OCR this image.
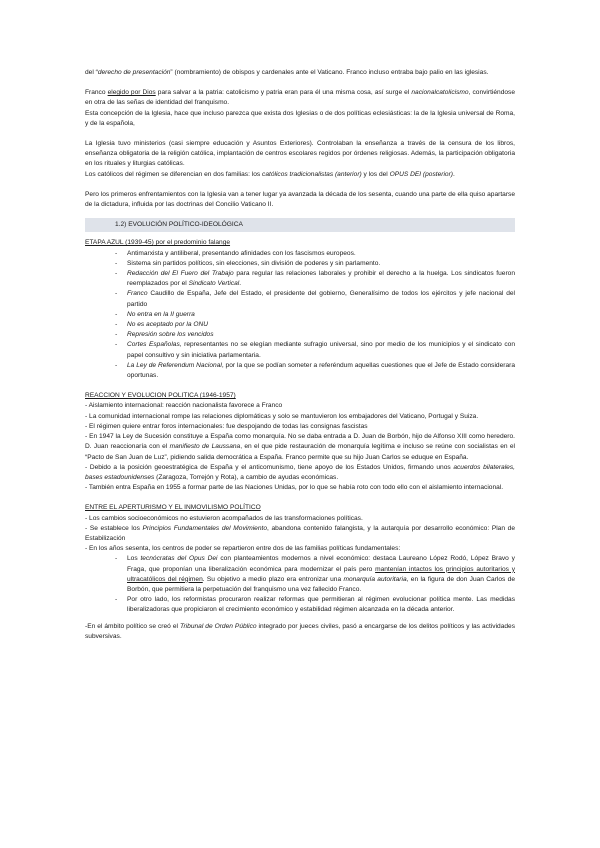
del “derecho de presentación” (nombramiento) de obispos y cardenales ante el Vaticano. Franco incluso entraba bajo palio en las iglesias.

Franco elegido por Dios para salvar a la patria: catolicismo y patria eran para él una misma cosa, así surge el nacionalcatolicismo, convirtiéndose en otra de las señas de identidad del franquismo.

Esta concepción de la Iglesia, hace que incluso parezca que exista dos Iglesias o de dos políticas eclesiásticas: la de la Iglesia universal de Roma, y de la española,

La Iglesia tuvo ministerios (casi siempre educación y Asuntos Exteriores). Controlaban la enseñanza a través de la censura de los libros, enseñanza obligatoria de la religión católica, implantación de centros escolares regidos por órdenes religiosas. Además, la participación obligatoria en los rituales y liturgias católicas.

Los católicos del régimen se diferencian en dos familias: los católicos tradicionalistas (anterior) y los del OPUS DEI (posterior).

Pero los primeros enfrentamientos con la Iglesia van a tener lugar ya avanzada la década de los sesenta, cuando una parte de ella quiso apartarse de la dictadura, influida por las doctrinas del Concilio Vaticano II.

1.2) EVOLUCIÓN POLÍTICO-IDEOLÓGICA

ETAPA AZUL (1939-45) por el predominio falange

- Antimarxista y antiliberal, presentando afinidades con los fascismos europeos.
- Sistema sin partidos políticos, sin elecciones, sin división de poderes y sin parlamento.
- Redacción del El Fuero del Trabajo para regular las relaciones laborales y prohibir el derecho a la huelga. Los sindicatos fueron reemplazados por el Sindicato Vertical.
- Franco Caudillo de España, Jefe del Estado, el presidente del gobierno, Generalísimo de todos los ejércitos y jefe nacional del partido
- No entra en la II guerra
- No es aceptado por la ONU
- Represión sobre los vencidos
- Cortes Españolas, representantes no se elegían mediante sufragio universal, sino por medio de los municipios y el sindicato con papel consultivo y sin iniciativa parlamentaria.
- La Ley de Referendum Nacional, por la que se podían someter a referéndum aquellas cuestiones que el Jefe de Estado considerara oportunas.

REACCION Y EVOLUCION POLITICA (1946-1957)

- Aislamiento internacional: reacción nacionalista favorece a Franco

- La comunidad internacional rompe las relaciones diplomáticas y solo se mantuvieron los embajadores del Vaticano, Portugal y Suiza.

- El régimen quiere entrar foros internacionales: fue despojando de todas las consignas fascistas

- En 1947 la Ley de Sucesión constituye a España como monarquía. No se daba entrada a D. Juan de Borbón, hijo de Alfonso XIII como heredero. D. Juan reaccionaría con el manifiesto de Laussana, en el que pide restauración de monarquía legítima e incluso se reúne con socialistas en el “Pacto de San Juan de Luz”, pidiendo salida democrática a España. Franco permite que su hijo Juan Carlos se eduque en España.

- Debido a la posición geoestratégica de España y el anticomunismo, tiene apoyo de los Estados Unidos, firmando unos acuerdos bilaterales, bases estadounidenses (Zaragoza, Torrejón y Rota), a cambio de ayudas económicas.

- También entra España en 1955 a formar parte de las Naciones Unidas, por lo que se había roto con todo ello con el aislamiento internacional.

ENTRE EL APERTURISMO Y EL INMOVILISMO POLÍTICO

- Los cambios socioeconómicos no estuvieron acompañados de las transformaciones políticas.

- Se establece los Principios Fundamentales del Movimiento, abandona contenido falangista, y la autarquía por desarrollo económico: Plan de Estabilización

- En los años sesenta, los centros de poder se repartieron entre dos de las familias políticas fundamentales:

- Los tecnócratas del Opus Dei con planteamientos modernos a nivel económico: destaca Laureano López Rodó, López Bravo y Fraga, que proponían una liberalización económica para modernizar el país pero mantenían intactos los principios autoritarios y ultracatólicos del régimen. Su objetivo a medio plazo era entronizar una monarquía autoritaria, en la figura de don Juan Carlos de Borbón, que permitiera la perpetuación del franquismo una vez fallecido Franco.
- Por otro lado, los reformistas procuraron realizar reformas que permitieran al régimen evolucionar política mente. Las medidas liberalizadoras que propiciaron el crecimiento económico y estabilidad régimen alcanzada en la década anterior.

-En el ámbito político se creó el Tribunal de Orden Público integrado por jueces civiles, pasó a encargarse de los delitos políticos y las actividades subversivas.
